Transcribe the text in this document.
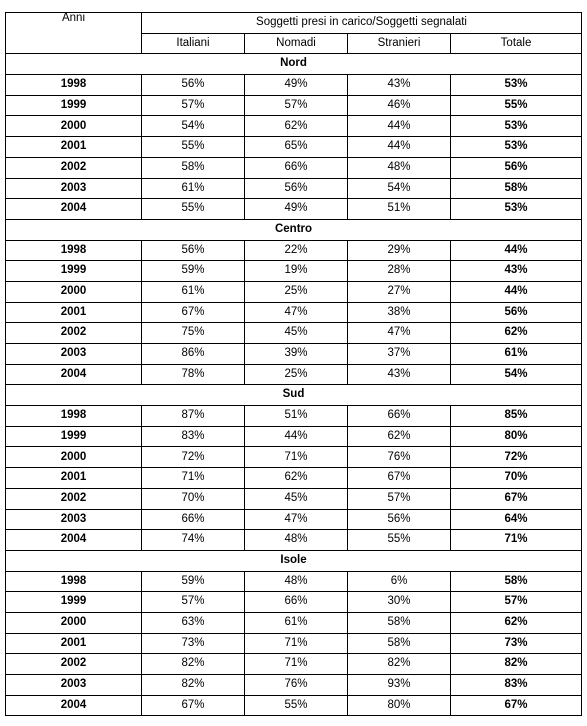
Anni	Soggetti presi in carico/Soggetti segnalati			
	Italiani	Nomadi	Stranieri	Totale
Nord				
1998	56%	49%	43%	53%
1999	57%	57%	46%	55%
2000	54%	62%	44%	53%
2001	55%	65%	44%	53%
2002	58%	66%	48%	56%
2003	61%	56%	54%	58%
2004	55%	49%	51%	53%
Centro				
1998	56%	22%	29%	44%
1999	59%	19%	28%	43%
2000	61%	25%	27%	44%
2001	67%	47%	38%	56%
2002	75%	45%	47%	62%
2003	86%	39%	37%	61%
2004	78%	25%	43%	54%
Sud				
1998	87%	51%	66%	85%
1999	83%	44%	62%	80%
2000	72%	71%	76%	72%
2001	71%	62%	67%	70%
2002	70%	45%	57%	67%
2003	66%	47%	56%	64%
2004	74%	48%	55%	71%
Isole				
1998	59%	48%	6%	58%
1999	57%	66%	30%	57%
2000	63%	61%	58%	62%
2001	73%	71%	58%	73%
2002	82%	71%	82%	82%
2003	82%	76%	93%	83%
2004	67%	55%	80%	67%
